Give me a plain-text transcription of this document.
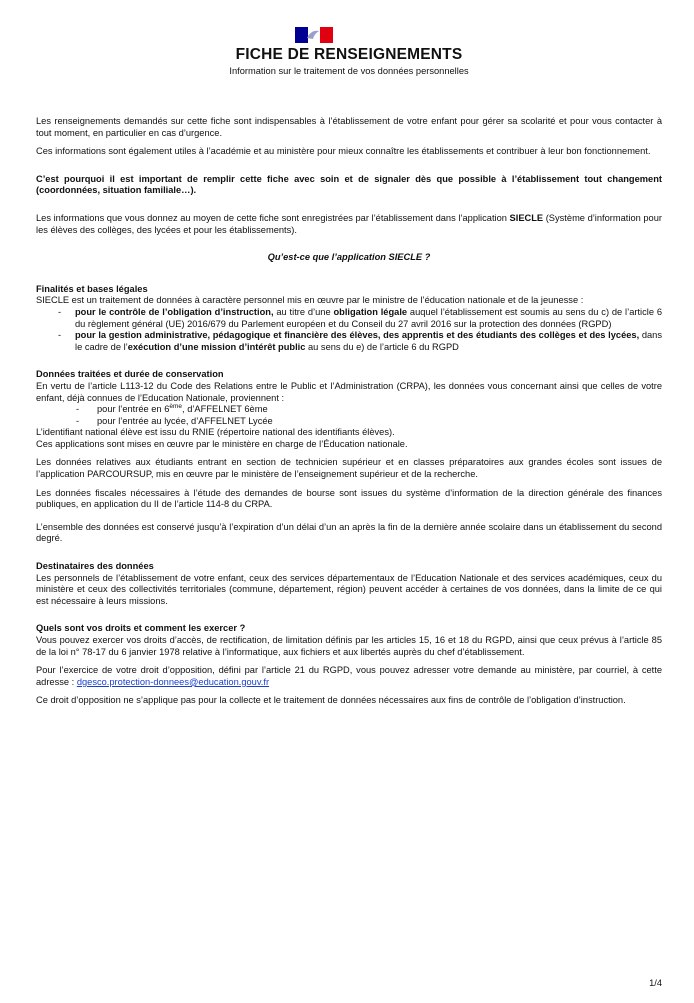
FICHE DE RENSEIGNEMENTS
Information sur le traitement de vos données personnelles

Les renseignements demandés sur cette fiche sont indispensables à l’établissement de votre enfant pour gérer sa scolarité et pour vous contacter à tout moment, en particulier en cas d’urgence.

Ces informations sont également utiles à l’académie et au ministère pour mieux connaître les établissements et contribuer à leur bon fonctionnement.

C’est pourquoi il est important de remplir cette fiche avec soin et de signaler dès que possible à l’établissement tout changement (coordonnées, situation familiale…).

Les informations que vous donnez au moyen de cette fiche sont enregistrées par l’établissement dans l’application SIECLE (Système d’information pour les élèves des collèges, des lycées et pour les établissements).

Qu’est-ce que l’application SIECLE ?

Finalités et bases légales

SIECLE est un traitement de données à caractère personnel mis en œuvre par le ministre de l’éducation nationale et de la jeunesse :

- pour le contrôle de l’obligation d’instruction, au titre d’une obligation légale auquel l’établissement est soumis au sens du c) de l’article 6 du règlement général (UE) 2016/679 du Parlement européen et du Conseil du 27 avril 2016 sur la protection des données (RGPD)
- pour la gestion administrative, pédagogique et financière des élèves, des apprentis et des étudiants des collèges et des lycées, dans le cadre de l’exécution d’une mission d’intérêt public au sens du e) de l’article 6 du RGPD

Données traitées et durée de conservation

En vertu de l’article L113-12 du Code des Relations entre le Public et l’Administration (CRPA), les données vous concernant ainsi que celles de votre enfant, déjà connues de l’Education Nationale, proviennent :

- pour l’entrée en 6ème, d’AFFELNET 6ème
- pour l’entrée au lycée, d’AFFELNET Lycée

L’identifiant national élève est issu du RNIE (répertoire national des identifiants élèves).

Ces applications sont mises en œuvre par le ministère en charge de l’Éducation nationale.

Les données relatives aux étudiants entrant en section de technicien supérieur et en classes préparatoires aux grandes écoles sont issues de l’application PARCOURSUP, mis en œuvre par le ministère de l’enseignement supérieur et de la recherche.

Les données fiscales nécessaires à l’étude des demandes de bourse sont issues du système d’information de la direction générale des finances publiques, en application du II de l’article 114-8 du CRPA.

L’ensemble des données est conservé jusqu’à l’expiration d’un délai d’un an après la fin de la dernière année scolaire dans un établissement du second degré.

Destinataires des données

Les personnels de l’établissement de votre enfant, ceux des services départementaux de l’Education Nationale et des services académiques, ceux du ministère et ceux des collectivités territoriales (commune, département, région) peuvent accéder à certaines de vos données, dans la limite de ce qui est nécessaire à leurs missions.

Quels sont vos droits et comment les exercer ?

Vous pouvez exercer vos droits d’accès, de rectification, de limitation définis par les articles 15, 16 et 18 du RGPD, ainsi que ceux prévus à l’article 85 de la loi n° 78-17 du 6 janvier 1978 relative à l’informatique, aux fichiers et aux libertés auprès du chef d’établissement.

Pour l’exercice de votre droit d’opposition, défini par l’article 21 du RGPD, vous pouvez adresser votre demande au ministère, par courriel, à cette adresse : dgesco.protection-donnees@education.gouv.fr

Ce droit d’opposition ne s’applique pas pour la collecte et le traitement de données nécessaires aux fins de contrôle de l’obligation d’instruction.

1/4
